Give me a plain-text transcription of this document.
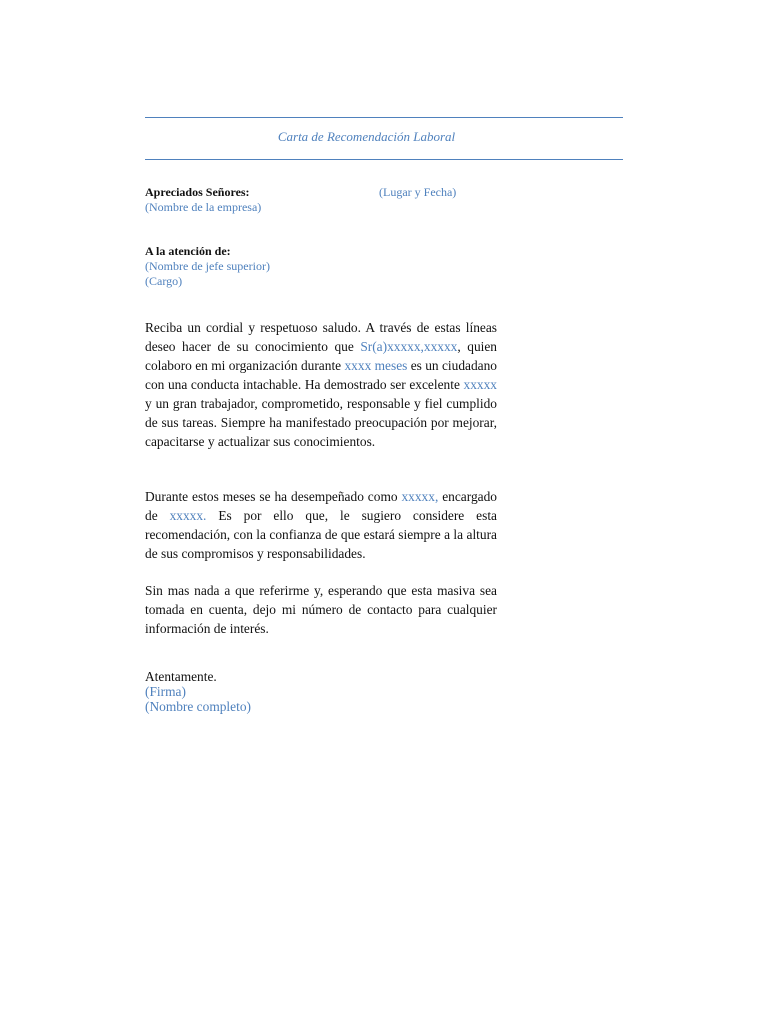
Carta de Recomendación Laboral
Apreciados Señores:
(Nombre de la empresa)
(Lugar y Fecha)
A la atención de:
(Nombre de jefe superior)
(Cargo)

Reciba un cordial y respetuoso saludo. A través de estas líneas deseo hacer de su conocimiento que Sr(a)xxxxx,xxxxx, quien colaboro en mi organización durante xxxx meses es un ciudadano con una conducta intachable. Ha demostrado ser excelente xxxxx y un gran trabajador, comprometido, responsable y fiel cumplido de sus tareas. Siempre ha manifestado preocupación por mejorar, capacitarse y actualizar sus conocimientos.

Durante estos meses se ha desempeñado como xxxxx, encargado de xxxxx. Es por ello que, le sugiero considere esta recomendación, con la confianza de que estará siempre a la altura de sus compromisos y responsabilidades.

Sin mas nada a que referirme y, esperando que esta masiva sea tomada en cuenta, dejo mi número de contacto para cualquier información de interés.

Atentamente.
(Firma)
(Nombre completo)
